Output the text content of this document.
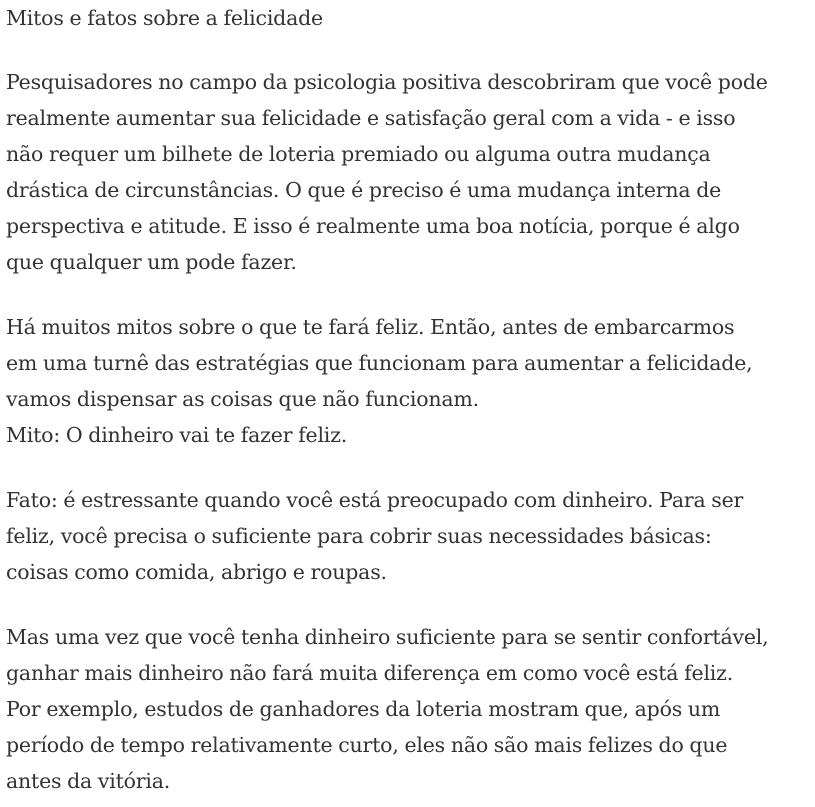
Mitos e fatos sobre a felicidade

Pesquisadores no campo da psicologia positiva descobriram que você pode
realmente aumentar sua felicidade e satisfação geral com a vida - e isso
não requer um bilhete de loteria premiado ou alguma outra mudança
drástica de circunstâncias. O que é preciso é uma mudança interna de
perspectiva e atitude. E isso é realmente uma boa notícia, porque é algo
que qualquer um pode fazer.

Há muitos mitos sobre o que te fará feliz. Então, antes de embarcarmos
em uma turnê das estratégias que funcionam para aumentar a felicidade,
vamos dispensar as coisas que não funcionam.
Mito: O dinheiro vai te fazer feliz.

Fato: é estressante quando você está preocupado com dinheiro. Para ser
feliz, você precisa o suficiente para cobrir suas necessidades básicas:
coisas como comida, abrigo e roupas.

Mas uma vez que você tenha dinheiro suficiente para se sentir confortável,
ganhar mais dinheiro não fará muita diferença em como você está feliz.
Por exemplo, estudos de ganhadores da loteria mostram que, após um
período de tempo relativamente curto, eles não são mais felizes do que
antes da vitória.
